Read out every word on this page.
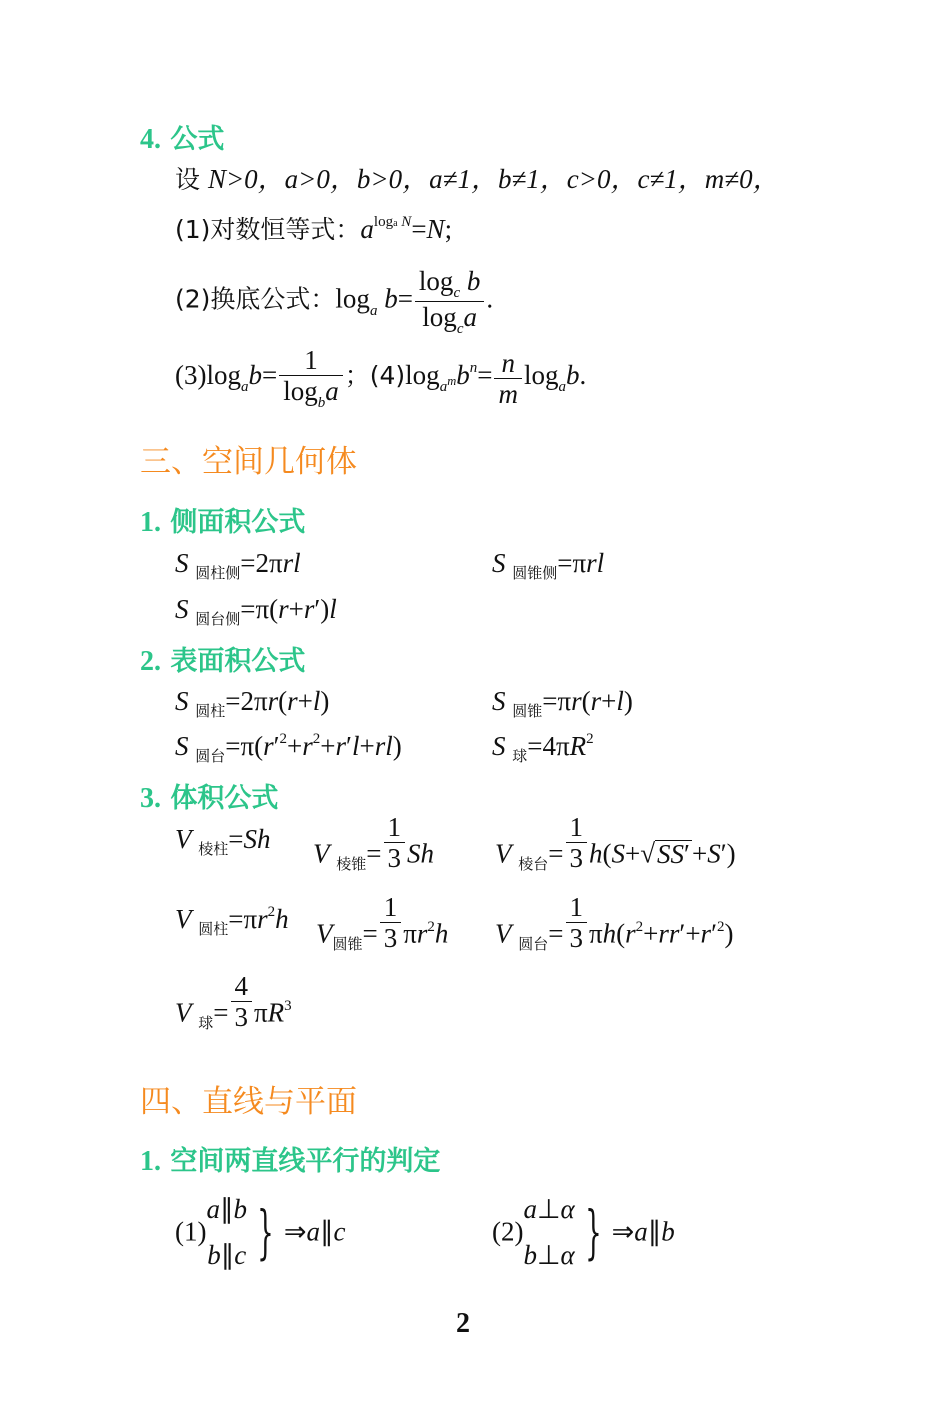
4. 公式
设 N>0，a>0，b>0，a≠1，b≠1，c>0，c≠1，m≠0，
(1)对数恒等式：$a^{loga N}=N$;
(2)换底公式：$\log_a b= \frac{\log_c b}{\log_ca}$ .
$(3)\log_ab= \frac{1}{\log_ba}$ ；$(4)\log_{a^m}b^n= \frac{n}{m} \log_ab$.
三、空间几何体
1. 侧面积公式
S $_{圆柱侧}$=2πrl	S $_{圆锥侧}$=πrl
S $_{圆台侧}$=π(r+r′)l
2. 表面积公式
S $_{圆柱}$=2πr(r+l)	S $_{圆锥}$=πr(r+l)
S $_{圆台}=\pi(r'^2+r^2+r'l+rl)$	S $_球=4\pi R^2$
3. 体积公式
V $_{棱柱}$=Sh V $_{棱锥}= \frac{1}{3}$ Sh V $_{棱台}= \frac{1}{3} h(S+√SS'+S')$
V $_{圆柱}=\pi r^2h$ $V_{圆锥}= \frac{1}{3} \pi r^2h$ V $_{圆台}= \frac{1}{3} \pi h(r^2+rr'+r'^2)$
V $_球= \frac{4}{3} \pi R^3$
四、直线与平面
1. 空间两直线平行的判定
(1)
a∥b
b∥c } ⇒a∥c	(2)
a⊥α
b⊥α } ⇒a∥b
2
